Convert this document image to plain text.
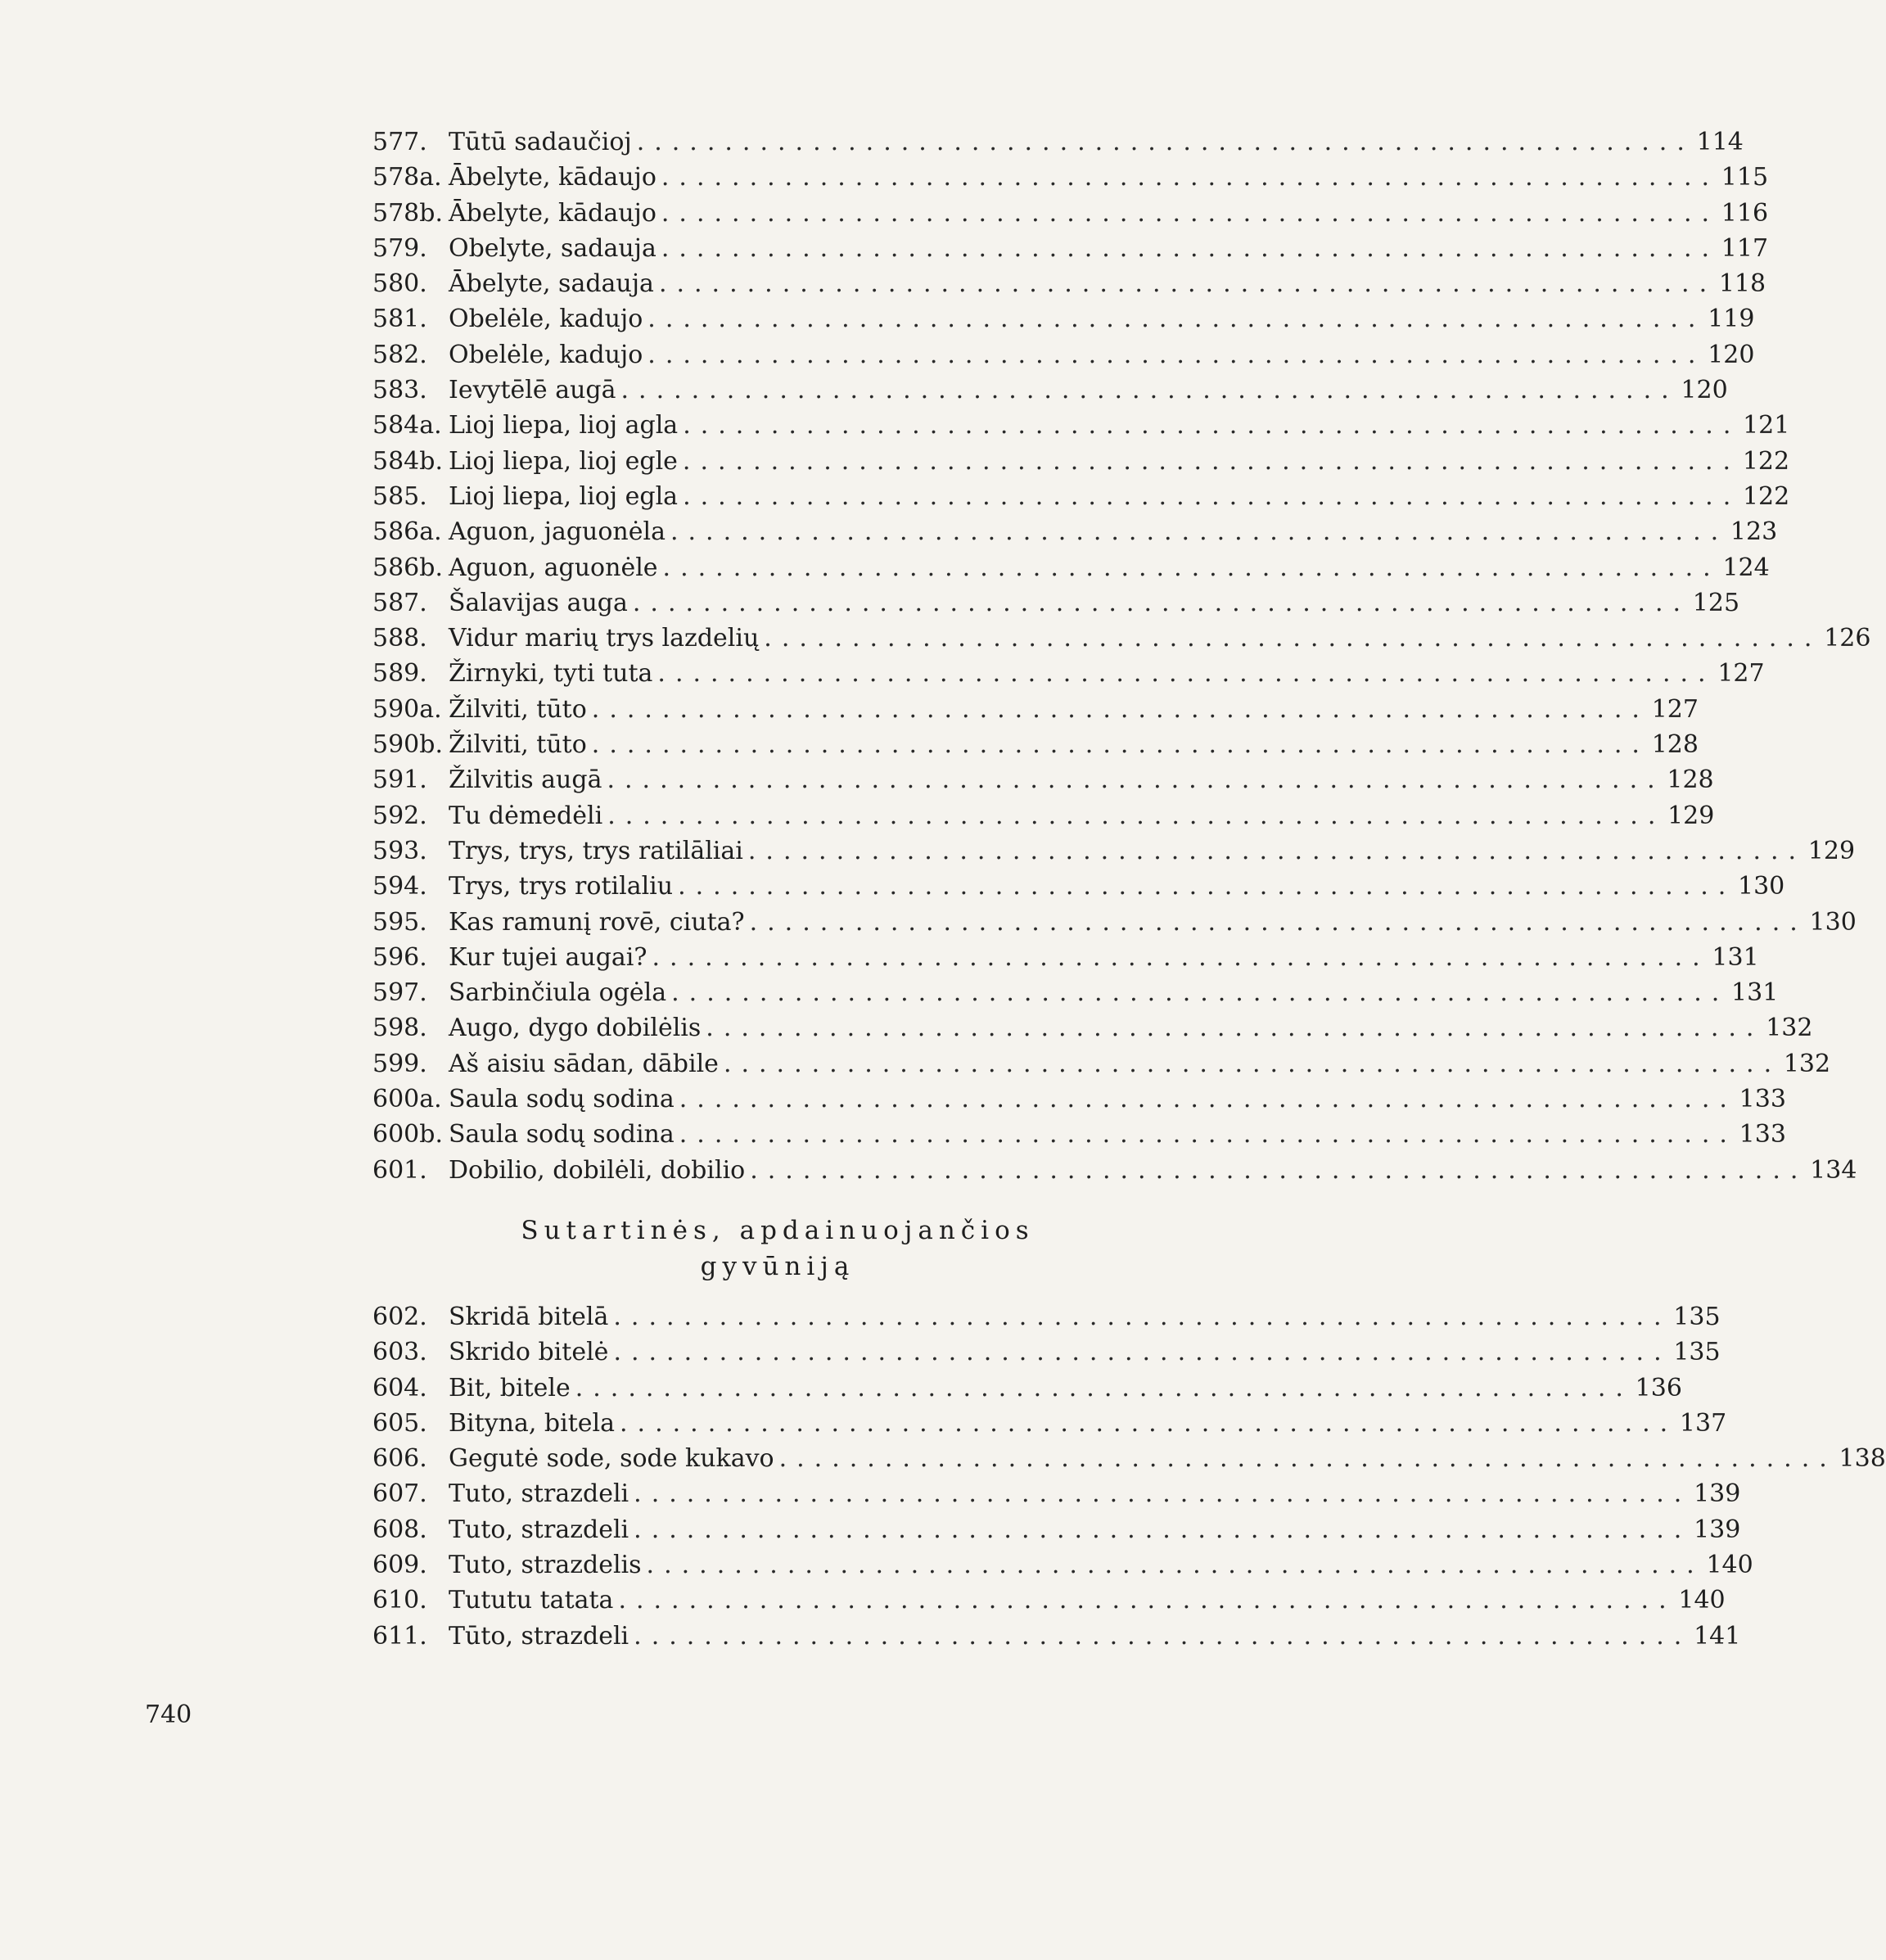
577. Tūtū sadaučioj ............................................................ 114
578a. Ābelyte, kādaujo ............................................................ 115
578b. Ābelyte, kādaujo ............................................................ 116
579. Obelyte, sadauja ............................................................ 117
580. Ābelyte, sadauja ............................................................ 118
581. Obelėle, kadujo ............................................................ 119
582. Obelėle, kadujo ............................................................ 120
583. Ievytēlē augā ............................................................ 120
584a. Lioj liepa, lioj agla ............................................................ 121
584b. Lioj liepa, lioj egle ............................................................ 122
585. Lioj liepa, lioj egla ............................................................ 122
586a. Aguon, jaguonėla ............................................................ 123
586b. Aguon, aguonėle ............................................................ 124
587. Šalavijas auga ............................................................ 125
588. Vidur marių trys lazdelių ............................................................ 126
589. Žirnyki, tyti tuta ............................................................ 127
590a. Žilviti, tūto ............................................................ 127
590b. Žilviti, tūto ............................................................ 128
591. Žilvitis augā ............................................................ 128
592. Tu dėmedėli ............................................................ 129
593. Trys, trys, trys ratilāliai ............................................................ 129
594. Trys, trys rotilaliu ............................................................ 130
595. Kas ramunį rovē, ciuta? ............................................................ 130
596. Kur tujei augai? ............................................................ 131
597. Sarbinčiula ogėla ............................................................ 131
598. Augo, dygo dobilėlis ............................................................ 132
599. Aš aisiu sādan, dābile ............................................................ 132
600a. Saula sodų sodina ............................................................ 133
600b. Saula sodų sodina ............................................................ 133
601. Dobilio, dobilėli, dobilio ............................................................ 134
Sutartinės, apdainuojančios
gyvūniją
602. Skridā bitelā ............................................................ 135
603. Skrido bitelė ............................................................ 135
604. Bit, bitele ............................................................ 136
605. Bityna, bitela ............................................................ 137
606. Gegutė sode, sode kukavo ............................................................ 138
607. Tuto, strazdeli ............................................................ 139
608. Tuto, strazdeli ............................................................ 139
609. Tuto, strazdelis ............................................................ 140
610. Tututu tatata ............................................................ 140
611. Tūto, strazdeli ............................................................ 141
740
